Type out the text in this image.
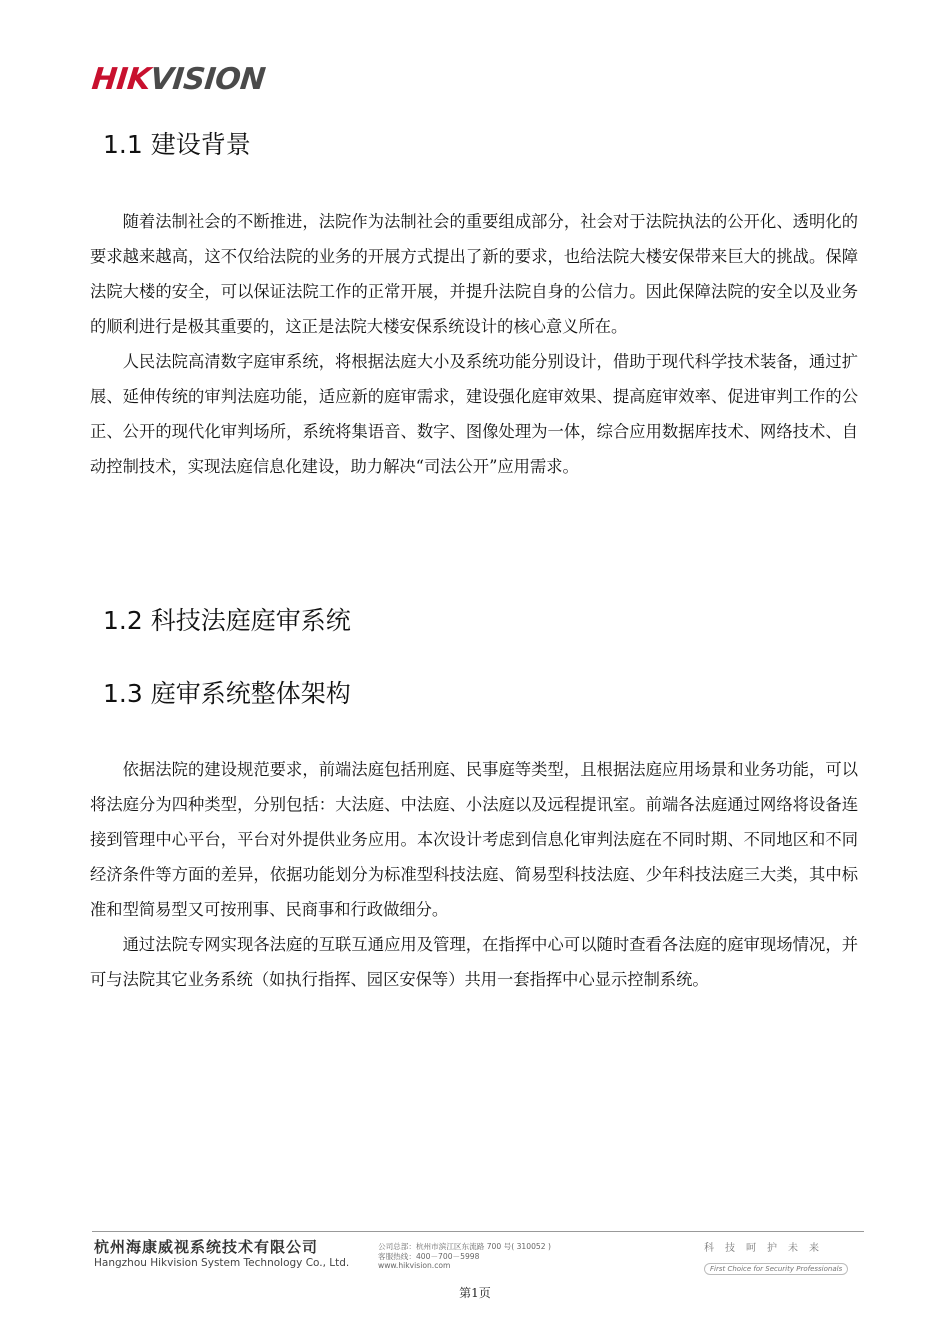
HIKVISION
1.1 建设背景

随着法制社会的不断推进，法院作为法制社会的重要组成部分，社会对于法院执法的公开化、透明化的要求越来越高，这不仅给法院的业务的开展方式提出了新的要求，也给法院大楼安保带来巨大的挑战。保障法院大楼的安全，可以保证法院工作的正常开展，并提升法院自身的公信力。因此保障法院的安全以及业务的顺利进行是极其重要的，这正是法院大楼安保系统设计的核心意义所在。

人民法院高清数字庭审系统，将根据法庭大小及系统功能分别设计，借助于现代科学技术装备，通过扩展、延伸传统的审判法庭功能，适应新的庭审需求，建设强化庭审效果、提高庭审效率、促进审判工作的公正、公开的现代化审判场所，系统将集语音、数字、图像处理为一体，综合应用数据库技术、网络技术、自动控制技术，实现法庭信息化建设，助力解决“司法公开”应用需求。

1.2 科技法庭庭审系统
1.3 庭审系统整体架构

依据法院的建设规范要求，前端法庭包括刑庭、民事庭等类型，且根据法庭应用场景和业务功能，可以将法庭分为四种类型，分别包括：大法庭、中法庭、小法庭以及远程提讯室。前端各法庭通过网络将设备连接到管理中心平台，平台对外提供业务应用。本次设计考虑到信息化审判法庭在不同时期、不同地区和不同经济条件等方面的差异，依据功能划分为标准型科技法庭、简易型科技法庭、少年科技法庭三大类，其中标准和型简易型又可按刑事、民商事和行政做细分。

通过法院专网实现各法庭的互联互通应用及管理，在指挥中心可以随时查看各法庭的庭审现场情况，并可与法院其它业务系统（如执行指挥、园区安保等）共用一套指挥中心显示控制系统。

杭州海康威视系统技术有限公司
Hangzhou Hikvision System Technology Co., Ltd.
公司总部：杭州市滨江区东流路 700 号( 310052 )
客服热线：400－700－5998
www.hikvision.com
科技呵护未来
First Choice for Security Professionals
第1页
